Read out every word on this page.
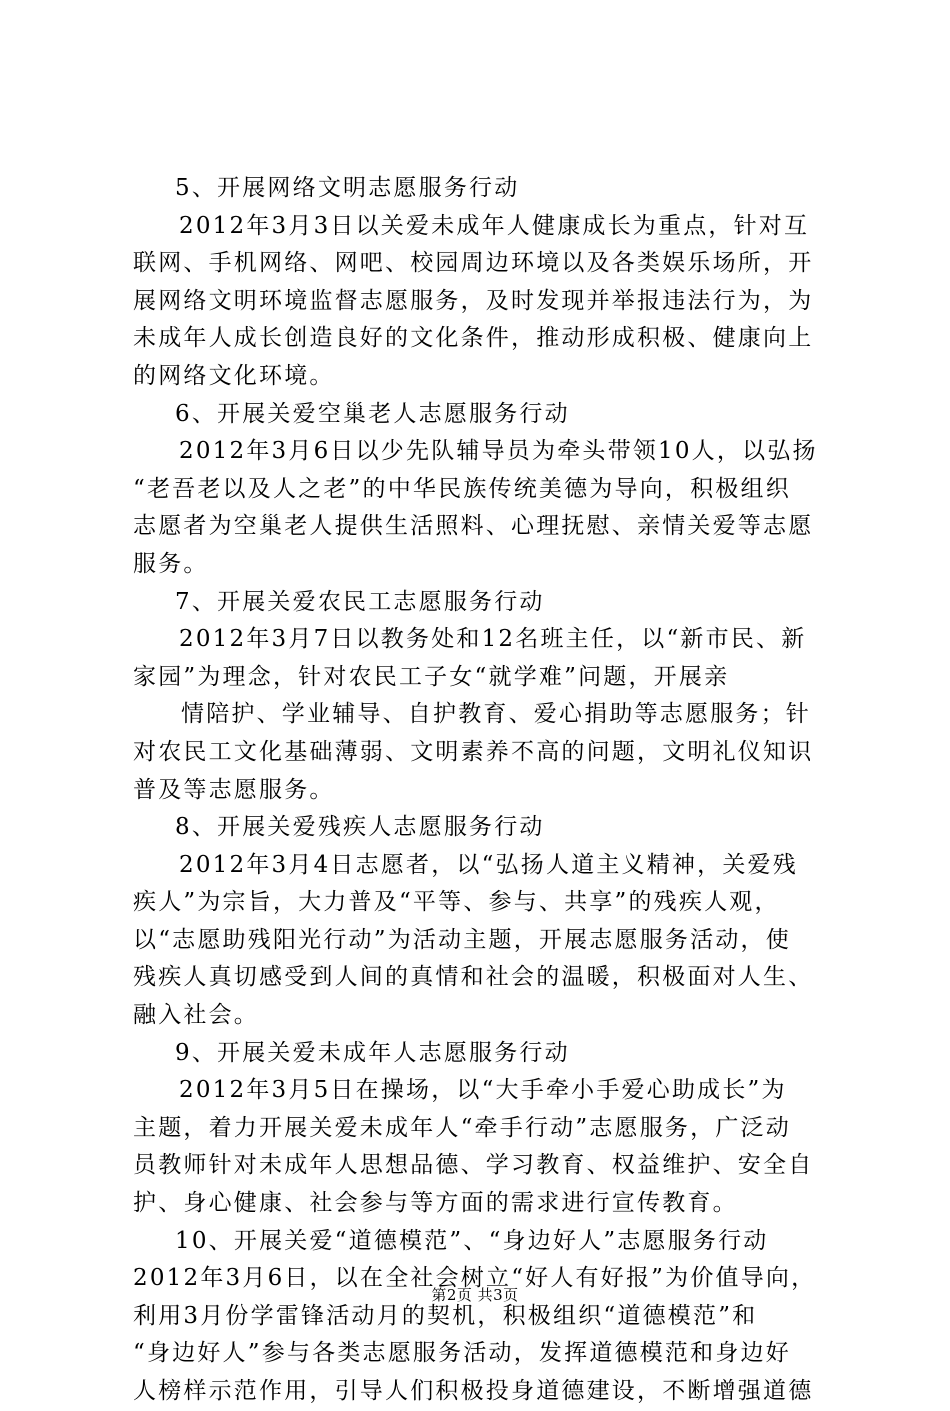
5、开展网络文明志愿服务行动
2012年3月3日以关爱未成年人健康成长为重点，针对互
联网、手机网络、网吧、校园周边环境以及各类娱乐场所，开
展网络文明环境监督志愿服务，及时发现并举报违法行为，为
未成年人成长创造良好的文化条件，推动形成积极、健康向上
的网络文化环境。
6、开展关爱空巢老人志愿服务行动
2012年3月6日以少先队辅导员为牵头带领10人，以弘扬
“老吾老以及人之老”的中华民族传统美德为导向，积极组织
志愿者为空巢老人提供生活照料、心理抚慰、亲情关爱等志愿
服务。
7、开展关爱农民工志愿服务行动
2012年3月7日以教务处和12名班主任，以“新市民、新
家园”为理念，针对农民工子女“就学难”问题，开展亲
情陪护、学业辅导、自护教育、爱心捐助等志愿服务；针
对农民工文化基础薄弱、文明素养不高的问题，文明礼仪知识
普及等志愿服务。
8、开展关爱残疾人志愿服务行动
2012年3月4日志愿者，以“弘扬人道主义精神，关爱残
疾人”为宗旨，大力普及“平等、参与、共享”的残疾人观，
以“志愿助残阳光行动”为活动主题，开展志愿服务活动，使
残疾人真切感受到人间的真情和社会的温暖，积极面对人生、
融入社会。
9、开展关爱未成年人志愿服务行动
2012年3月5日在操场，以“大手牵小手爱心助成长”为
主题，着力开展关爱未成年人“牵手行动”志愿服务，广泛动
员教师针对未成年人思想品德、学习教育、权益维护、安全自
护、身心健康、社会参与等方面的需求进行宣传教育。
10、开展关爱“道德模范”、“身边好人”志愿服务行动
2012年3月6日，以在全社会树立“好人有好报”为价值导向，
利用3月份学雷锋活动月的契机，积极组织“道德模范”和
“身边好人”参与各类志愿服务活动，发挥道德模范和身边好
人榜样示范作用，引导人们积极投身道德建设，不断增强道德
第2页 共3页
